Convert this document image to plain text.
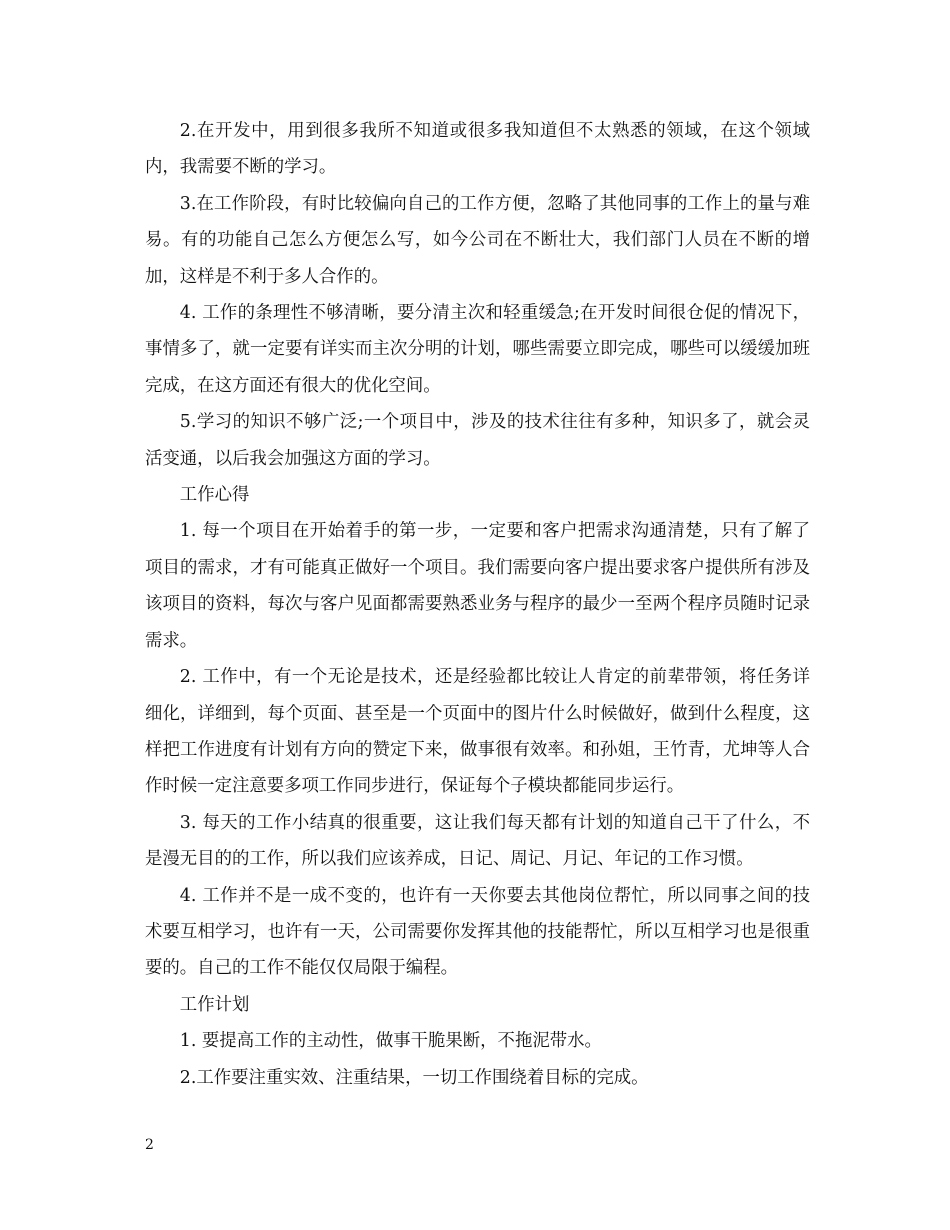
2.在开发中，用到很多我所不知道或很多我知道但不太熟悉的领域，在这个领域内，我需要不断的学习。

3.在工作阶段，有时比较偏向自己的工作方便，忽略了其他同事的工作上的量与难易。有的功能自己怎么方便怎么写，如今公司在不断壮大，我们部门人员在不断的增加，这样是不利于多人合作的。

4. 工作的条理性不够清晰，要分清主次和轻重缓急;在开发时间很仓促的情况下，事情多了，就一定要有详实而主次分明的计划，哪些需要立即完成，哪些可以缓缓加班完成，在这方面还有很大的优化空间。

5.学习的知识不够广泛;一个项目中，涉及的技术往往有多种，知识多了，就会灵活变通，以后我会加强这方面的学习。

工作心得

1. 每一个项目在开始着手的第一步，一定要和客户把需求沟通清楚，只有了解了项目的需求，才有可能真正做好一个项目。我们需要向客户提出要求客户提供所有涉及该项目的资料，每次与客户见面都需要熟悉业务与程序的最少一至两个程序员随时记录需求。

2. 工作中，有一个无论是技术，还是经验都比较让人肯定的前辈带领，将任务详细化，详细到，每个页面、甚至是一个页面中的图片什么时候做好，做到什么程度，这样把工作进度有计划有方向的赞定下来，做事很有效率。和孙姐，王竹青，尤坤等人合作时候一定注意要多项工作同步进行，保证每个子模块都能同步运行。

3. 每天的工作小结真的很重要，这让我们每天都有计划的知道自己干了什么，不是漫无目的的工作，所以我们应该养成，日记、周记、月记、年记的工作习惯。

4. 工作并不是一成不变的，也许有一天你要去其他岗位帮忙，所以同事之间的技术要互相学习，也许有一天，公司需要你发挥其他的技能帮忙，所以互相学习也是很重要的。自己的工作不能仅仅局限于编程。

工作计划

1. 要提高工作的主动性，做事干脆果断，不拖泥带水。

2.工作要注重实效、注重结果，一切工作围绕着目标的完成。

2
